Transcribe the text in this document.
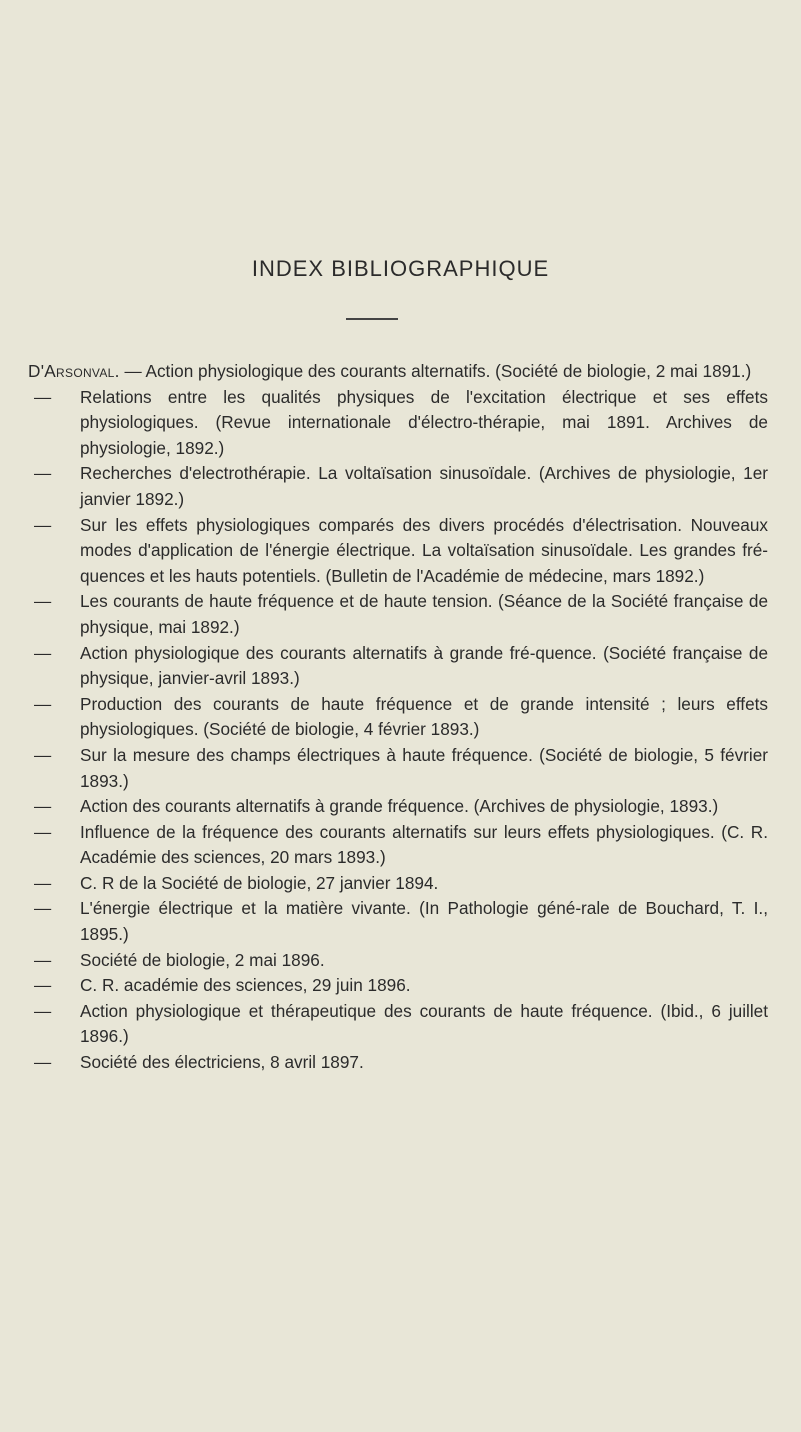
INDEX BIBLIOGRAPHIQUE
D'Arsonval. — Action physiologique des courants alternatifs. (Société de biologie, 2 mai 1891.)
— Relations entre les qualités physiques de l'excitation électrique et ses effets physiologiques. (Revue internationale d'électro-thérapie, mai 1891. Archives de physiologie, 1892.)
— Recherches d'electrothérapie. La voltaïsation sinusoïdale. (Archives de physiologie, 1er janvier 1892.)
— Sur les effets physiologiques comparés des divers procédés d'électrisation. Nouveaux modes d'application de l'énergie électrique. La voltaïsation sinusoïdale. Les grandes fré-quences et les hauts potentiels. (Bulletin de l'Académie de médecine, mars 1892.)
— Les courants de haute fréquence et de haute tension. (Séance de la Société française de physique, mai 1892.)
— Action physiologique des courants alternatifs à grande fré-quence. (Société française de physique, janvier-avril 1893.)
— Production des courants de haute fréquence et de grande intensité ; leurs effets physiologiques. (Société de biologie, 4 février 1893.)
— Sur la mesure des champs électriques à haute fréquence. (Société de biologie, 5 février 1893.)
— Action des courants alternatifs à grande fréquence. (Archives de physiologie, 1893.)
— Influence de la fréquence des courants alternatifs sur leurs effets physiologiques. (C. R. Académie des sciences, 20 mars 1893.)
— C. R de la Société de biologie, 27 janvier 1894.
— L'énergie électrique et la matière vivante. (In Pathologie géné-rale de Bouchard, T. I., 1895.)
— Société de biologie, 2 mai 1896.
— C. R. académie des sciences, 29 juin 1896.
— Action physiologique et thérapeutique des courants de haute fréquence. (Ibid., 6 juillet 1896.)
— Société des électriciens, 8 avril 1897.
